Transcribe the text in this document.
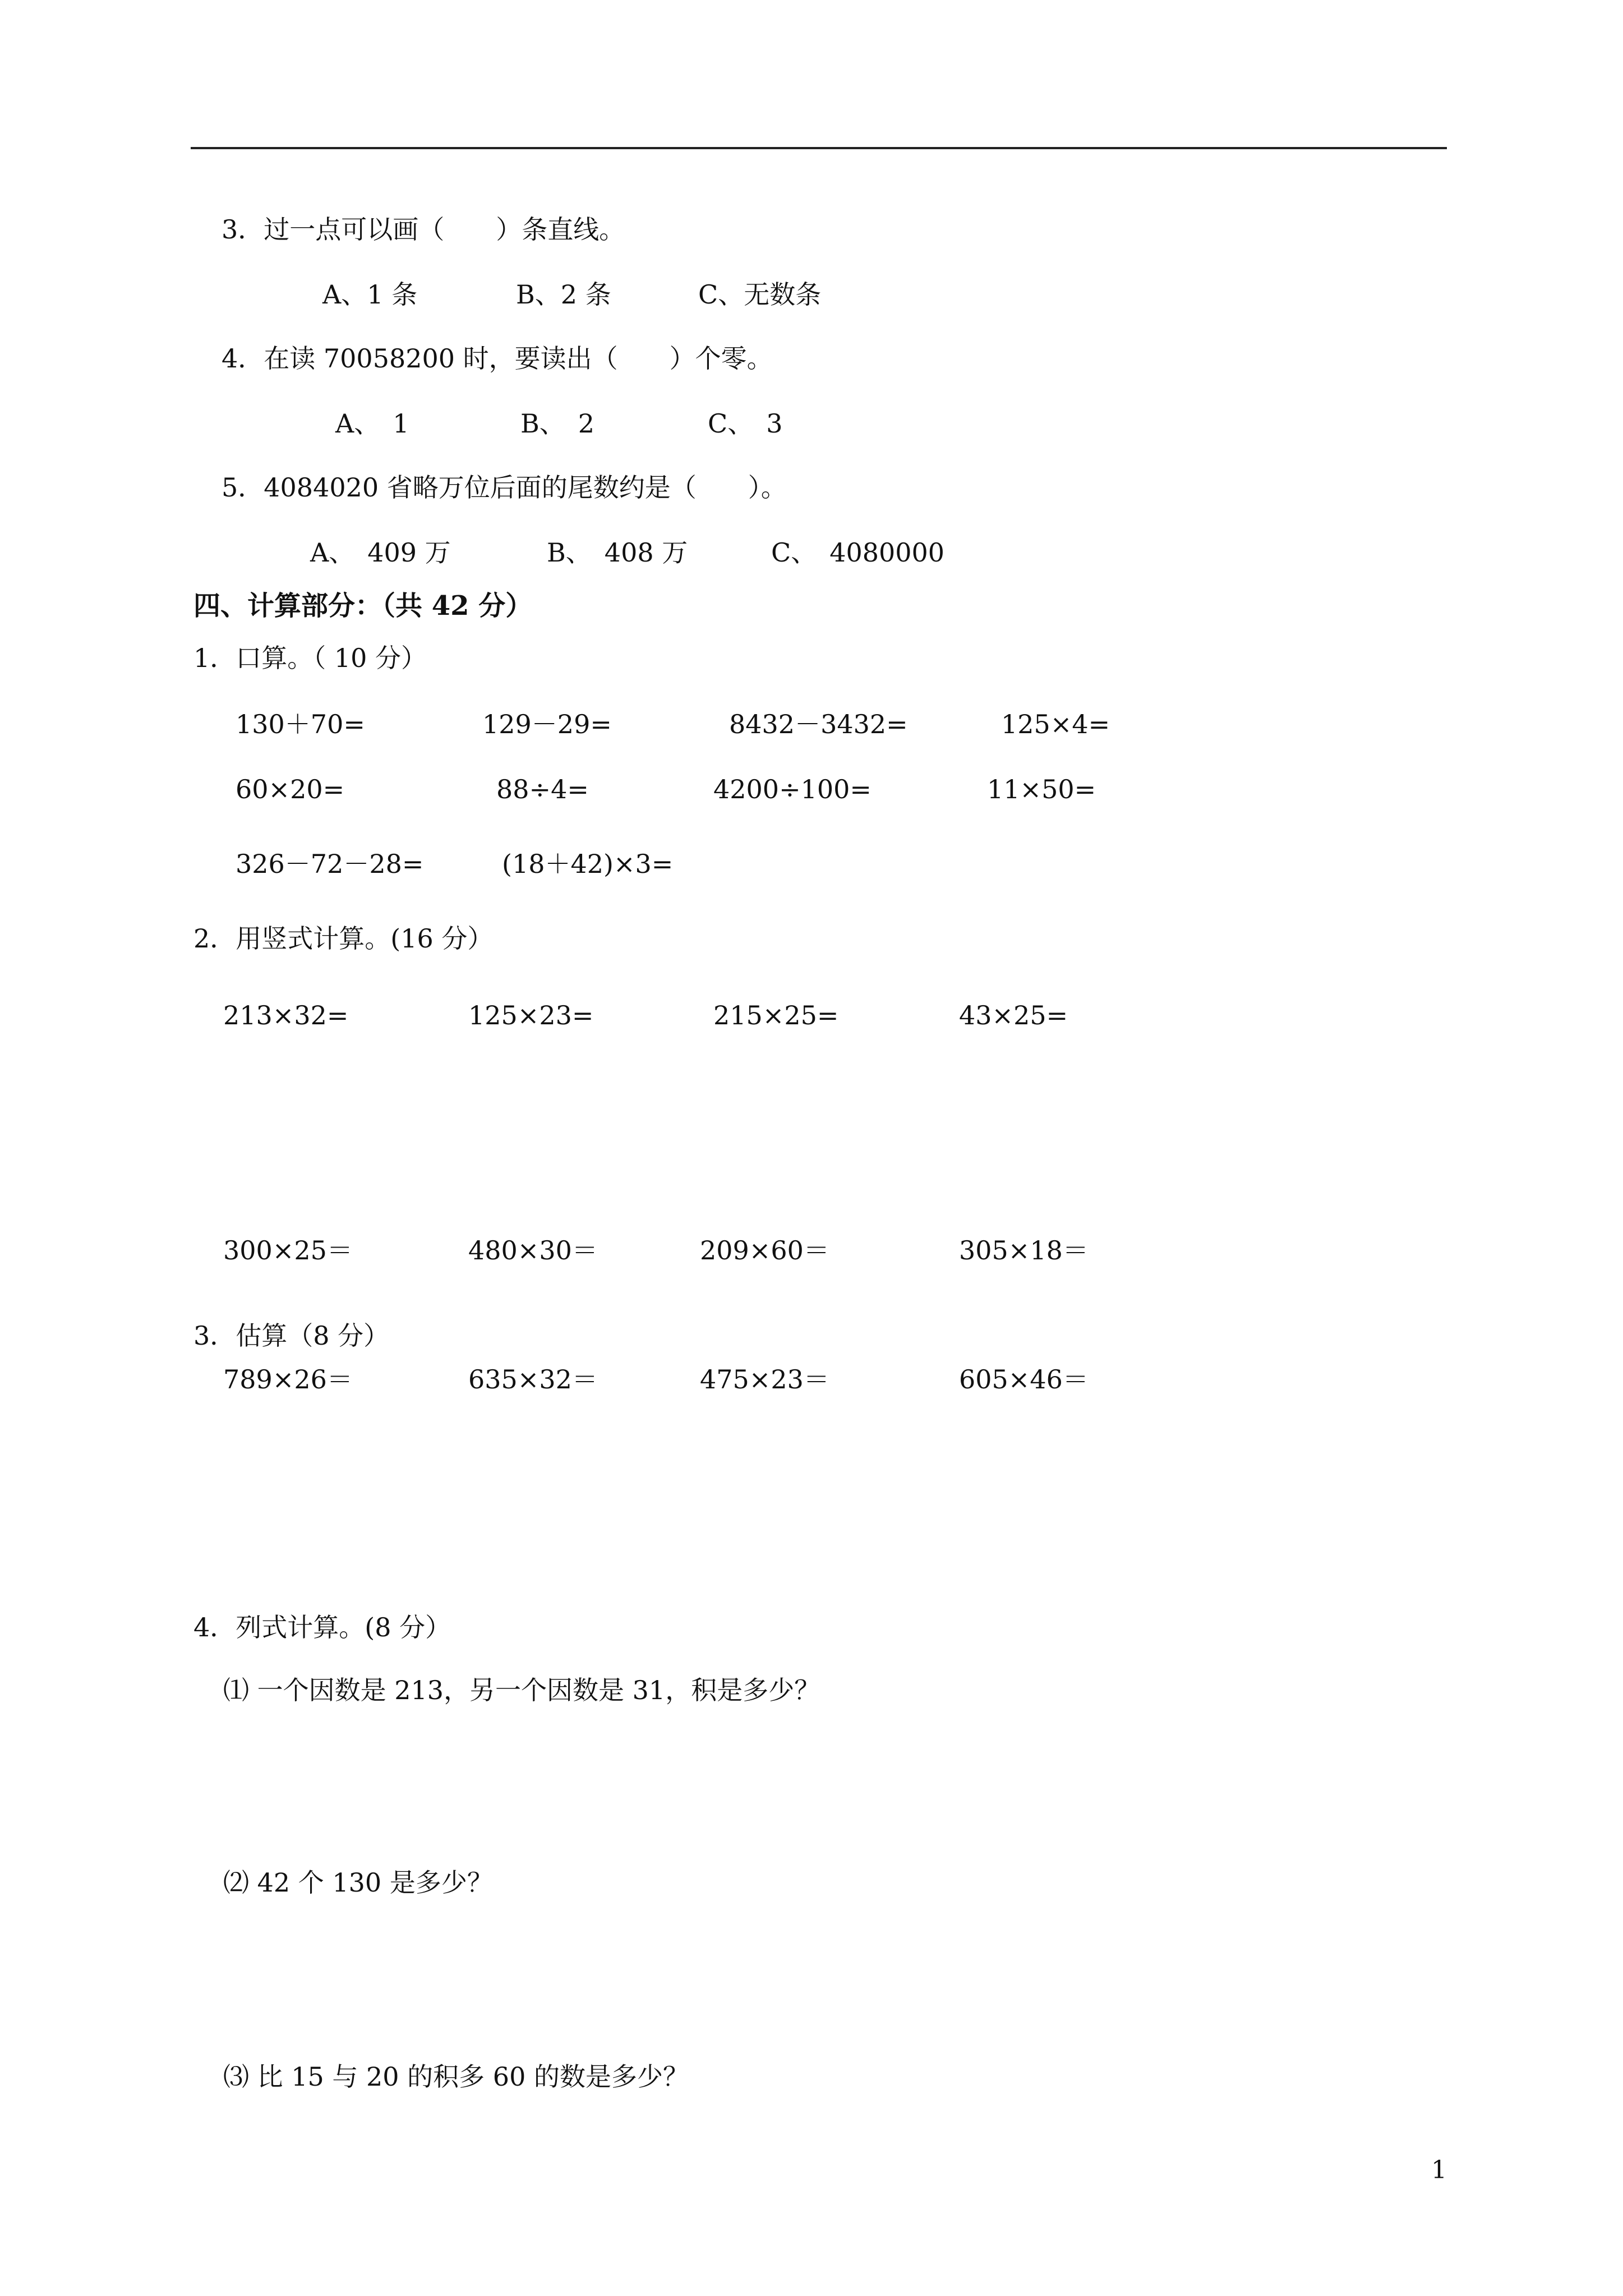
3．过一点可以画（　　）条直线。
A、1 条	B、2 条	C、无数条
4．在读 70058200 时，要读出（　　）个零。
A、　1	B、　2	C、　3
5．4084020 省略万位后面的尾数约是（　　）。
A、　409 万	B、　408 万	C、　4080000
四、计算部分：（共 42 分）
1．口算。（ 10 分）
130＋70=	129－29=	8432－3432=	125×4=
60×20=	88÷4=	4200÷100=	11×50=
326－72－28=	(18＋42)×3=
2．用竖式计算。(16 分）
213×32=	125×23=	215×25=	43×25=
300×25＝	480×30＝	209×60＝	305×18＝
3．估算（8 分）
789×26＝	635×32＝	475×23＝	605×46＝
4．列式计算。(8 分）
⑴ 一个因数是 213，另一个因数是 31，积是多少？
⑵ 42 个 130 是多少？
⑶ 比 15 与 20 的积多 60 的数是多少？
1
